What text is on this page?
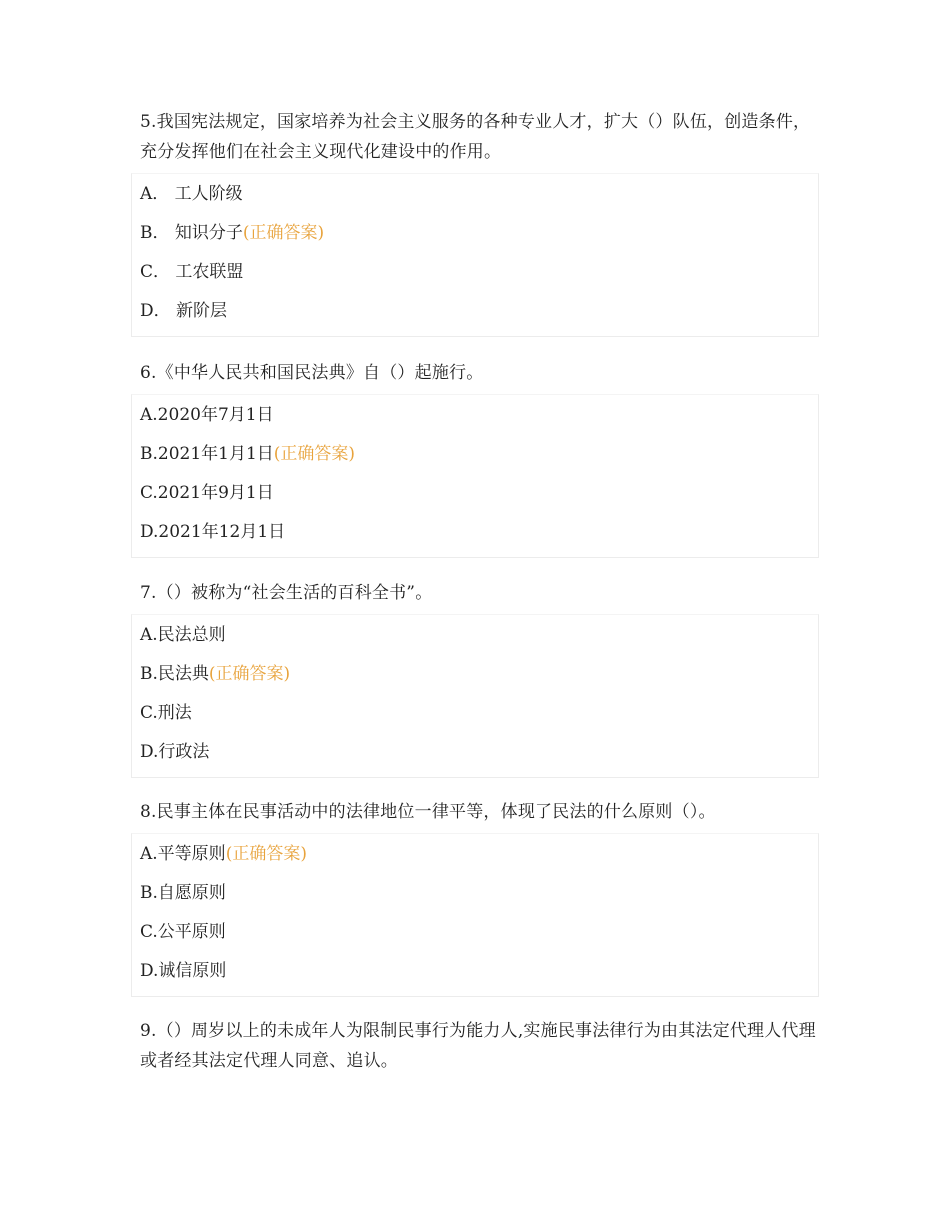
5.我国宪法规定，国家培养为社会主义服务的各种专业人才，扩大（）队伍，创造条件，充分发挥他们在社会主义现代化建设中的作用。

A． 工人阶级
B． 知识分子(正确答案)
C． 工农联盟
D． 新阶层

6.《中华人民共和国民法典》自（）起施行。

A.2020年7月1日
B.2021年1月1日(正确答案)
C.2021年9月1日
D.2021年12月1日

7.（）被称为“社会生活的百科全书”。

A.民法总则
B.民法典(正确答案)
C.刑法
D.行政法

8.民事主体在民事活动中的法律地位一律平等，体现了民法的什么原则（）。

A.平等原则(正确答案)
B.自愿原则
C.公平原则
D.诚信原则

9.（）周岁以上的未成年人为限制民事行为能力人,实施民事法律行为由其法定代理人代理或者经其法定代理人同意、追认。
